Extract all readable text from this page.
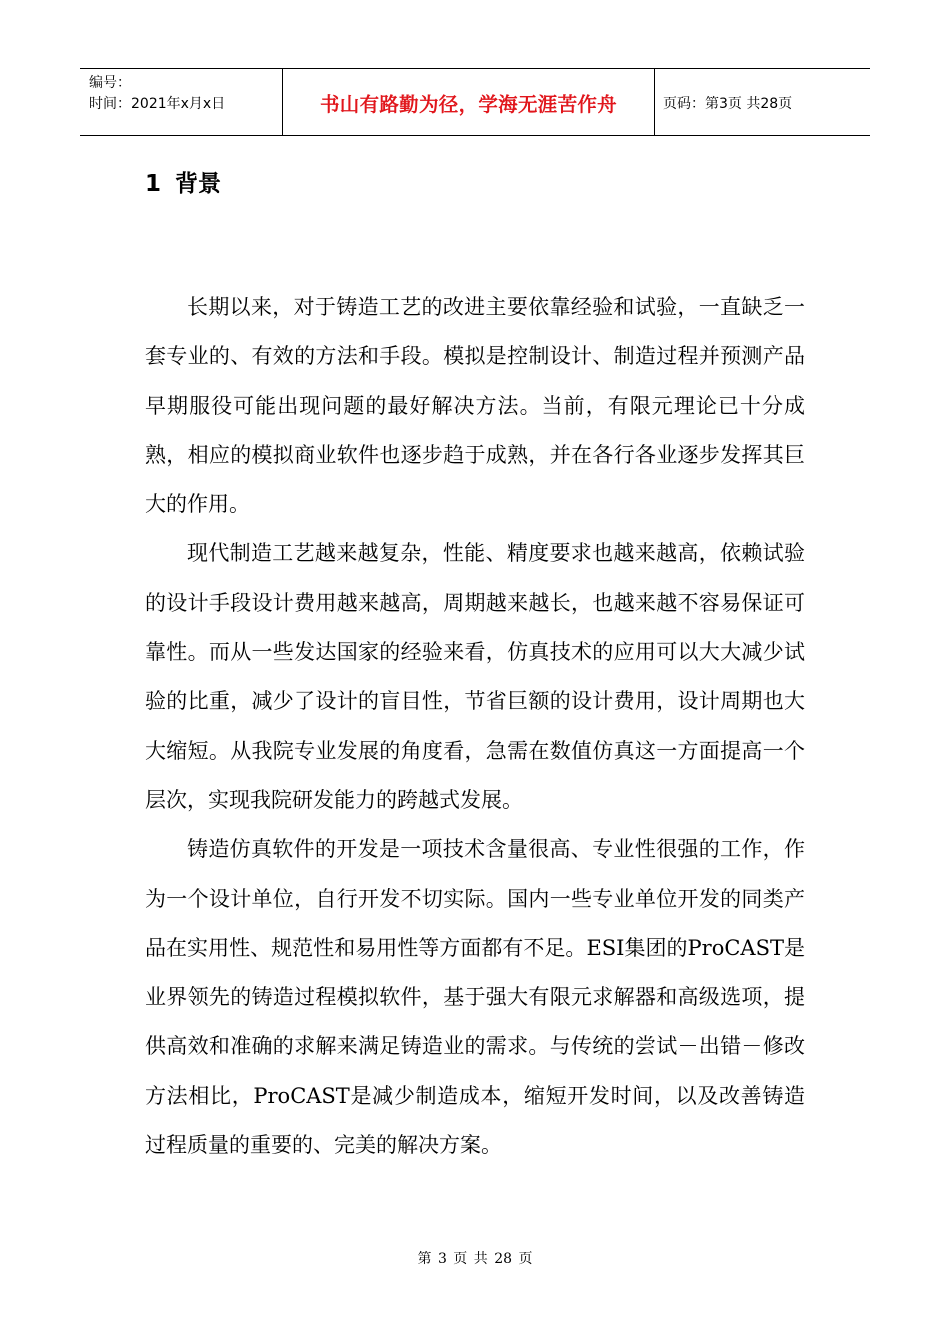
编号：
时间：2021年x月x日	书山有路勤为径，学海无涯苦作舟	页码：第3页 共28页
1 背景

长期以来，对于铸造工艺的改进主要依靠经验和试验，一直缺乏一套专业的、有效的方法和手段。模拟是控制设计、制造过程并预测产品早期服役可能出现问题的最好解决方法。当前，有限元理论已十分成熟，相应的模拟商业软件也逐步趋于成熟，并在各行各业逐步发挥其巨大的作用。

现代制造工艺越来越复杂，性能、精度要求也越来越高，依赖试验的设计手段设计费用越来越高，周期越来越长，也越来越不容易保证可靠性。而从一些发达国家的经验来看，仿真技术的应用可以大大减少试验的比重，减少了设计的盲目性，节省巨额的设计费用，设计周期也大大缩短。从我院专业发展的角度看，急需在数值仿真这一方面提高一个层次，实现我院研发能力的跨越式发展。

铸造仿真软件的开发是一项技术含量很高、专业性很强的工作，作为一个设计单位，自行开发不切实际。国内一些专业单位开发的同类产品在实用性、规范性和易用性等方面都有不足。ESI集团的ProCAST是业界领先的铸造过程模拟软件，基于强大有限元求解器和高级选项，提供高效和准确的求解来满足铸造业的需求。与传统的尝试－出错－修改方法相比，ProCAST是减少制造成本，缩短开发时间，以及改善铸造过程质量的重要的、完美的解决方案。

第 3 页 共 28 页
